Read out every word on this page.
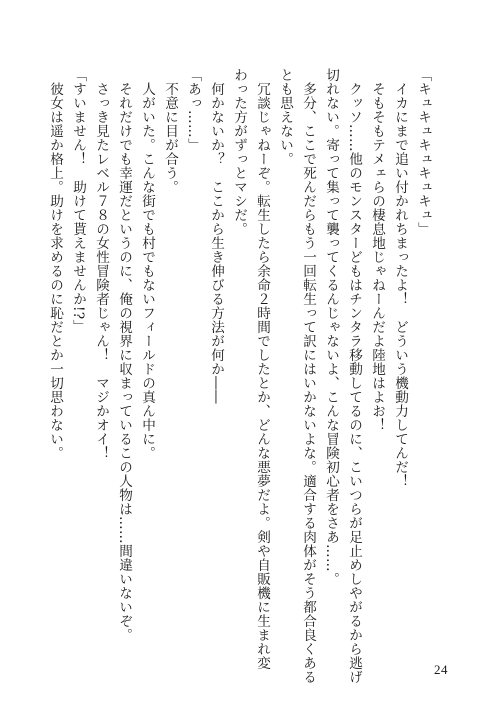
「キュキュキュキュキュ」
　イカにまで追い付かれちまったよ！　どういう機動力してんだ！
　そもそもテメェらの棲息地じゃねーんだよ陸地はよお！
　クッソ……他のモンスターどもはチンタラ移動してるのに、こいつらが足止めしやがるから逃げ
切れない。寄って集って襲ってくるんじゃないよ、こんな冒険初心者をさあ……。
　多分、ここで死んだらもう一回転生って訳にはいかないよな。適合する肉体がそう都合良くある
とも思えない。
　冗談じゃねーぞ。転生したら余命２時間でしたとか、どんな悪夢だよ。剣や自販機に生まれ変
わった方がずっとマシだ。
　何かないか？　ここから生き伸びる方法が何か――
「あっ……」
　不意に目が合う。
　人がいた。こんな街でも村でもないフィールドの真ん中に。
　それだけでも幸運だというのに、俺の視界に収まっているこの人物は……間違いないぞ。
　さっき見たレベル７８の女性冒険者じゃん！　マジかオイ！
「すいません！　助けて貰えませんか!?」
　彼女は遥か格上。助けを求めるのに恥だとか一切思わない。
24
